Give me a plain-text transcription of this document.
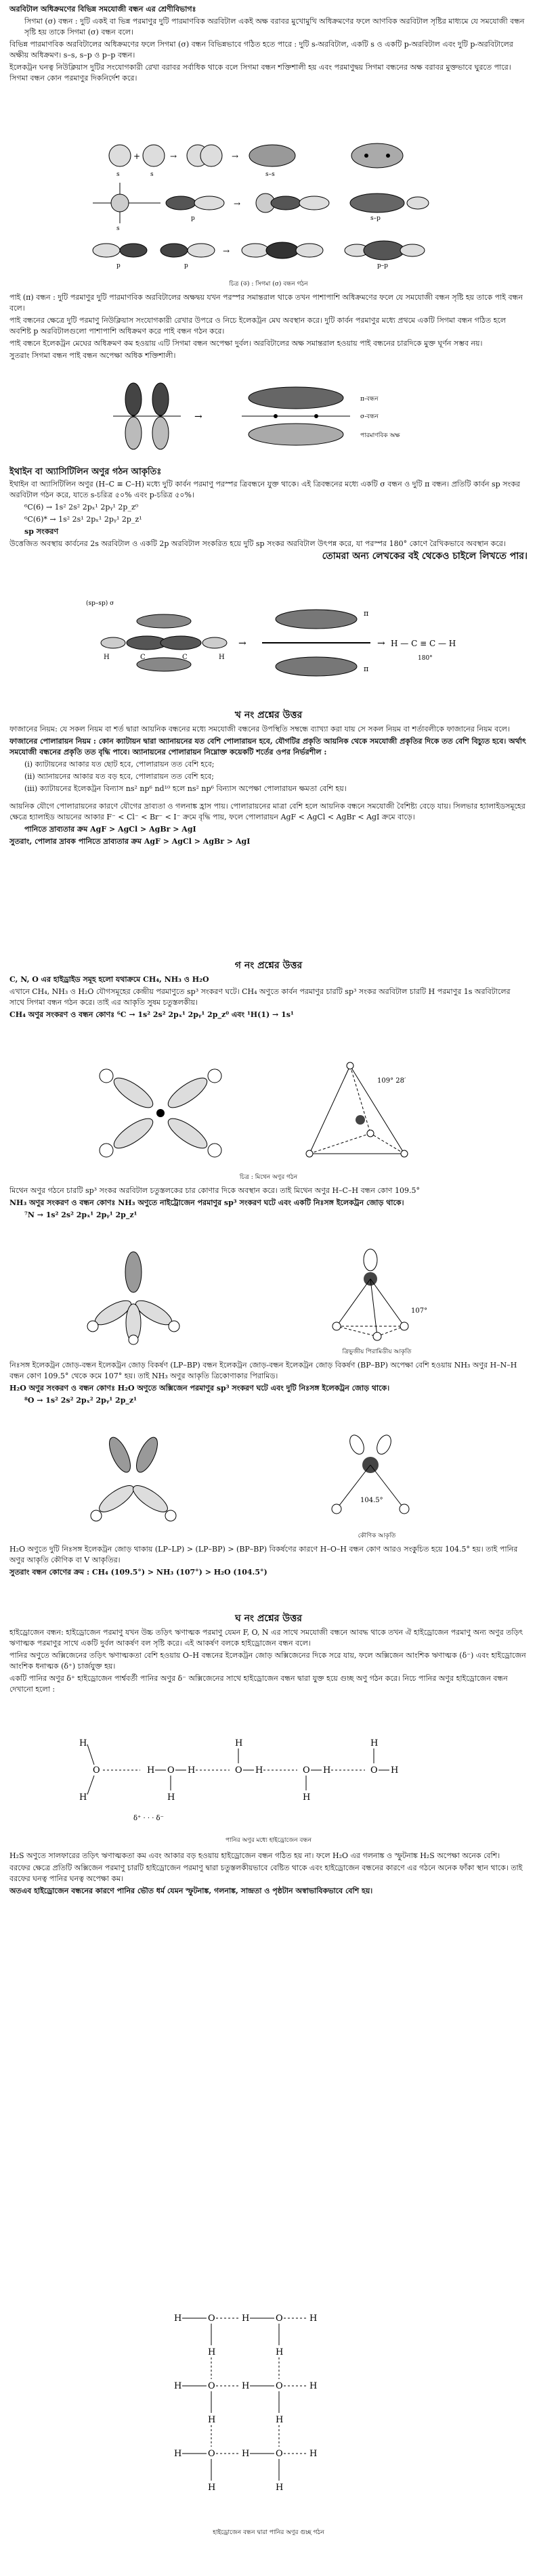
অরবিটাল অধিক্রমণের বিভিন্ন সমযোজী বন্ধন এর শ্রেণীবিভাগঃ

সিগমা (σ) বন্ধন : দুটি একই বা ভিন্ন পরমাণুর দুটি পারমাণবিক অরবিটাল একই অক্ষ বরাবর মুখোমুখি অধিক্রমণের ফলে আণবিক অরবিটাল সৃষ্টির মাধ্যমে যে সমযোজী বন্ধন সৃষ্টি হয় তাকে সিগমা (σ) বন্ধন বলে।

বিভিন্ন পারমাণবিক অরবিটালের অধিক্রমণের ফলে সিগমা (σ) বন্ধন বিভিন্নভাবে গঠিত হতে পারে : দুটি s-অরবিটাল, একটি s ও একটি p-অরবিটাল এবং দুটি p-অরবিটালের অক্ষীয় অধিক্রমণ। s–s, s–p ও p–p বন্ধন।

ইলেকট্রন ঘনত্ব নিউক্লিয়াস দুটির সংযোগকারী রেখা বরাবর সর্বাধিক থাকে বলে সিগমা বন্ধন শক্তিশালী হয় এবং পরমাণুদ্বয় সিগমা বন্ধনের অক্ষ বরাবর মুক্তভাবে ঘুরতে পারে। সিগমা বন্ধন কোন পরমাণুর দিকনির্দেশ করে।

+	→	→
→
→
s	s	s–s
s
p	s–p
p	p	p–p
চিত্র (ক) : সিগমা (σ) বন্ধন গঠন

পাই (π) বন্ধন : দুটি পরমাণুর দুটি পারমাণবিক অরবিটালের অক্ষদ্বয় যখন পরস্পর সমান্তরাল থাকে তখন পাশাপাশি অধিক্রমণের ফলে যে সমযোজী বন্ধন সৃষ্টি হয় তাকে পাই বন্ধন বলে।

পাই বন্ধনের ক্ষেত্রে দুটি পরমাণু নিউক্লিয়াস সংযোগকারী রেখার উপরে ও নিচে ইলেকট্রন মেঘ অবস্থান করে। দুটি কার্বন পরমাণুর মধ্যে প্রথমে একটি সিগমা বন্ধন গঠিত হলে অবশিষ্ট p অরবিটালগুলো পাশাপাশি অধিক্রমণ করে পাই বন্ধন গঠন করে।

পাই বন্ধনে ইলেকট্রন মেঘের অধিক্রমণ কম হওয়ায় এটি সিগমা বন্ধন অপেক্ষা দুর্বল। অরবিটালের অক্ষ সমান্তরাল হওয়ায় পাই বন্ধনের চারদিকে মুক্ত ঘূর্ণন সম্ভব নয়।

সুতরাং সিগমা বন্ধন পাই বন্ধন অপেক্ষা অধিক শক্তিশালী।

→
π-বন্ধন
σ-বন্ধন
পারমাণবিক অক্ষ

ইথাইন বা অ্যাসিটিলিন অণুর গঠন আকৃতিঃ

ইথাইন বা অ্যাসিটিলিন অণুর (H–C ≡ C–H) মধ্যে দুটি কার্বন পরমাণু পরস্পর ত্রিবন্ধনে যুক্ত থাকে। এই ত্রিবন্ধনের মধ্যে একটি σ বন্ধন ও দুটি π বন্ধন। প্রতিটি কার্বন sp সংকর অরবিটাল গঠন করে, যাতে s-চরিত্র ৫০% এবং p-চরিত্র ৫০%।

⁶C(6) → 1s² 2s² 2pₓ¹ 2pᵧ¹ 2p_z⁰

⁶C(6)* → 1s² 2s¹ 2pₓ¹ 2pᵧ¹ 2p_z¹

sp সংকরণ

উত্তেজিত অবস্থায় কার্বনের 2s অরবিটাল ও একটি 2p অরবিটাল সংকরিত হয়ে দুটি sp সংকর অরবিটাল উৎপন্ন করে, যা পরস্পর 180° কোণে রৈখিকভাবে অবস্থান করে।

তোমরা অন্য লেখকের বই থেকেও চাইলে লিখতে পার।

(sp–sp) σ
H	C	C	H
→
π
π
→ H — C ≡ C — H
180°
খ নং প্রশ্নের উত্তর

ফাজানের নিয়ম: যে সকল নিয়ম বা শর্ত দ্বারা আয়নিক বন্ধনের মধ্যে সমযোজী বন্ধনের উপস্থিতি সম্বন্ধে ব্যাখ্যা করা যায় সে সকল নিয়ম বা শর্তাবলীকে ফাজানের নিয়ম বলে।

ফাজানের পোলারায়ন নিয়ম : কোন ক্যাটায়ন দ্বারা অ্যানায়নের যত বেশি পোলারায়ন হবে, যৌগটির প্রকৃতি আয়নিক থেকে সমযোজী প্রকৃতির দিকে তত বেশি বিচ্যুত হবে। অর্থাৎ সমযোজী বন্ধনের প্রকৃতি তত বৃদ্ধি পাবে। অ্যানায়নের পোলারায়ন নিম্নোক্ত কয়েকটি শর্তের ওপর নির্ভরশীল :

(i) ক্যাটায়নের আকার যত ছোট হবে, পোলারায়ন তত বেশি হবে;

(ii) অ্যানায়নের আকার যত বড় হবে, পোলারায়ন তত বেশি হবে;

(iii) ক্যাটায়নের ইলেকট্রন বিন্যাস ns² np⁶ nd¹⁰ হলে ns² np⁶ বিন্যাস অপেক্ষা পোলারায়ন ক্ষমতা বেশি হয়।

আয়নিক যৌগে পোলারায়নের কারণে যৌগের দ্রাব্যতা ও গলনাঙ্ক হ্রাস পায়। পোলারায়নের মাত্রা বেশি হলে আয়নিক বন্ধনে সমযোজী বৈশিষ্ট্য বেড়ে যায়। সিলভার হ্যালাইডসমূহের ক্ষেত্রে হ্যালাইড আয়নের আকার F⁻ < Cl⁻ < Br⁻ < I⁻ ক্রমে বৃদ্ধি পায়, ফলে পোলারায়ন AgF < AgCl < AgBr < AgI ক্রমে বাড়ে।

পানিতে দ্রাব্যতার ক্রম AgF > AgCl > AgBr > AgI

সুতরাং, পোলার দ্রাবক পানিতে দ্রাব্যতার ক্রম AgF > AgCl > AgBr > AgI

গ নং প্রশ্নের উত্তর

C, N, O এর হাইড্রাইড সমূহ হলো যথাক্রমে CH₄, NH₃ ও H₂O

এখানে CH₄, NH₃ ও H₂O যৌগসমূহের কেন্দ্রীয় পরমাণুতে sp³ সংকরণ ঘটে। CH₄ অণুতে কার্বন পরমাণুর চারটি sp³ সংকর অরবিটাল চারটি H পরমাণুর 1s অরবিটালের সাথে সিগমা বন্ধন গঠন করে। তাই এর আকৃতি সুষম চতুস্তলকীয়।

CH₄ অণুর সংকরণ ও বন্ধন কোণঃ ⁶C → 1s² 2s² 2pₓ¹ 2pᵧ¹ 2p_z⁰ এবং ¹H(1) → 1s¹

109° 28′
চিত্র : মিথেন অণুর গঠন

মিথেন অণুর গঠনে চারটি sp³ সংকর অরবিটাল চতুস্তলকের চার কোণার দিকে অবস্থান করে। তাই মিথেন অণুর H–C–H বন্ধন কোণ 109.5°

NH₃ অণুর সংকরণ ও বন্ধন কোণঃ NH₃ অণুতে নাইট্রোজেন পরমাণুর sp³ সংকরণ ঘটে এবং একটি নিঃসঙ্গ ইলেকট্রন জোড় থাকে।

⁷N → 1s² 2s² 2pₓ¹ 2pᵧ¹ 2p_z¹

107°
ত্রিভুজীয় পিরামিডীয় আকৃতি

নিঃসঙ্গ ইলেকট্রন জোড়-বন্ধন ইলেকট্রন জোড় বিকর্ষণ (LP–BP) বন্ধন ইলেকট্রন জোড়-বন্ধন ইলেকট্রন জোড় বিকর্ষণ (BP–BP) অপেক্ষা বেশি হওয়ায় NH₃ অণুর H–N–H বন্ধন কোণ 109.5° থেকে কমে 107° হয়। তাই NH₃ অণুর আকৃতি ত্রিকোণাকার পিরামিড।

H₂O অণুর সংকরণ ও বন্ধন কোণঃ H₂O অণুতে অক্সিজেন পরমাণুর sp³ সংকরণ ঘটে এবং দুটি নিঃসঙ্গ ইলেকট্রন জোড় থাকে।

⁸O → 1s² 2s² 2pₓ² 2pᵧ¹ 2p_z¹

104.5°
কৌণিক আকৃতি

H₂O অণুতে দুটি নিঃসঙ্গ ইলেকট্রন জোড় থাকায় (LP–LP) > (LP–BP) > (BP–BP) বিকর্ষণের কারণে H–O–H বন্ধন কোণ আরও সংকুচিত হয়ে 104.5° হয়। তাই পানির অণুর আকৃতি কৌণিক বা V আকৃতির।

সুতরাং বন্ধন কোণের ক্রম : CH₄ (109.5°) > NH₃ (107°) > H₂O (104.5°)

ঘ নং প্রশ্নের উত্তর

হাইড্রোজেন বন্ধন: হাইড্রোজেন পরমাণু যখন উচ্চ তড়িৎ ঋণাত্মক পরমাণু যেমন F, O, N এর সাথে সমযোজী বন্ধনে আবদ্ধ থাকে তখন ঐ হাইড্রোজেন পরমাণু অন্য অণুর তড়িৎ ঋণাত্মক পরমাণুর সাথে একটি দুর্বল আকর্ষণ বল সৃষ্টি করে। এই আকর্ষণ বলকে হাইড্রোজেন বন্ধন বলে।

পানির অণুতে অক্সিজেনের তড়িৎ ঋণাত্মকতা বেশি হওয়ায় O–H বন্ধনের ইলেকট্রন জোড় অক্সিজেনের দিকে সরে যায়, ফলে অক্সিজেন আংশিক ঋণাত্মক (δ⁻) এবং হাইড্রোজেন আংশিক ধনাত্মক (δ⁺) চার্জযুক্ত হয়।

একটি পানির অণুর δ⁺ হাইড্রোজেন পার্শ্ববর্তী পানির অণুর δ⁻ অক্সিজেনের সাথে হাইড্রোজেন বন্ধন দ্বারা যুক্ত হয়ে গুচ্ছ অণু গঠন করে। নিচে পানির অণুর হাইড্রোজেন বন্ধন দেখানো হলো :

H
O
H
H O H
H
O H
H
O H
H
O H
H
δ⁺ · · · δ⁻
পানির অণুর মধ্যে হাইড্রোজেন বন্ধন

H₂S অণুতে সালফারের তড়িৎ ঋণাত্মকতা কম এবং আকার বড় হওয়ায় হাইড্রোজেন বন্ধন গঠিত হয় না। ফলে H₂O এর গলনাঙ্ক ও স্ফুটনাঙ্ক H₂S অপেক্ষা অনেক বেশি।

বরফের ক্ষেত্রে প্রতিটি অক্সিজেন পরমাণু চারটি হাইড্রোজেন পরমাণু দ্বারা চতুস্তলকীয়ভাবে বেষ্টিত থাকে এবং হাইড্রোজেন বন্ধনের কারণে এর গঠনে অনেক ফাঁকা স্থান থাকে। তাই বরফের ঘনত্ব পানির ঘনত্ব অপেক্ষা কম।

অতএব হাইড্রোজেন বন্ধনের কারণে পানির ভৌত ধর্ম যেমন স্ফুটনাঙ্ক, গলনাঙ্ক, সান্দ্রতা ও পৃষ্ঠটান অস্বাভাবিকভাবে বেশি হয়।

H	O	H	O	H
H	H
H	O	H	O	H
H	H
H	O	H	O	H
H	H
হাইড্রোজেন বন্ধন দ্বারা পানির অণুর গুচ্ছ গঠন
